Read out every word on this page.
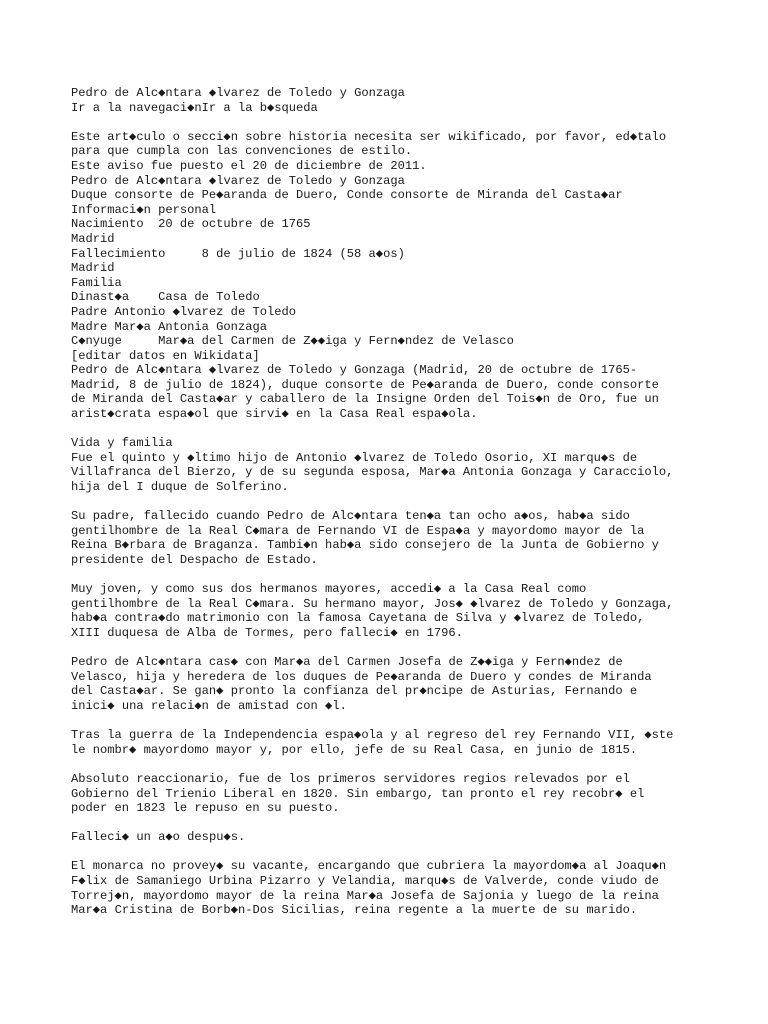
Pedro de Alc◆ntara ◆lvarez de Toledo y Gonzaga
Ir a la navegaci◆nIr a la b◆squeda
Este art◆culo o secci◆n sobre historia necesita ser wikificado, por favor, ed◆talo
para que cumpla con las convenciones de estilo.
Este aviso fue puesto el 20 de diciembre de 2011.
Pedro de Alc◆ntara ◆lvarez de Toledo y Gonzaga
Duque consorte de Pe◆aranda de Duero, Conde consorte de Miranda del Casta◆ar
Informaci◆n personal
Nacimiento  20 de octubre de 1765
Madrid
Fallecimiento     8 de julio de 1824 (58 a◆os)
Madrid
Familia
Dinast◆a    Casa de Toledo
Padre Antonio ◆lvarez de Toledo
Madre Mar◆a Antonia Gonzaga
C◆nyuge     Mar◆a del Carmen de Z◆◆iga y Fern◆ndez de Velasco
[editar datos en Wikidata]
Pedro de Alc◆ntara ◆lvarez de Toledo y Gonzaga (Madrid, 20 de octubre de 1765-
Madrid, 8 de julio de 1824), duque consorte de Pe◆aranda de Duero, conde consorte
de Miranda del Casta◆ar y caballero de la Insigne Orden del Tois◆n de Oro, fue un
arist◆crata espa◆ol que sirvi◆ en la Casa Real espa◆ola.
Vida y familia
Fue el quinto y ◆ltimo hijo de Antonio ◆lvarez de Toledo Osorio, XI marqu◆s de
Villafranca del Bierzo, y de su segunda esposa, Mar◆a Antonia Gonzaga y Caracciolo,
hija del I duque de Solferino.
Su padre, fallecido cuando Pedro de Alc◆ntara ten◆a tan ocho a◆os, hab◆a sido
gentilhombre de la Real C◆mara de Fernando VI de Espa◆a y mayordomo mayor de la
Reina B◆rbara de Braganza. Tambi◆n hab◆a sido consejero de la Junta de Gobierno y
presidente del Despacho de Estado.
Muy joven, y como sus dos hermanos mayores, accedi◆ a la Casa Real como
gentilhombre de la Real C◆mara. Su hermano mayor, Jos◆ ◆lvarez de Toledo y Gonzaga,
hab◆a contra◆do matrimonio con la famosa Cayetana de Silva y ◆lvarez de Toledo,
XIII duquesa de Alba de Tormes, pero falleci◆ en 1796.
Pedro de Alc◆ntara cas◆ con Mar◆a del Carmen Josefa de Z◆◆iga y Fern◆ndez de
Velasco, hija y heredera de los duques de Pe◆aranda de Duero y condes de Miranda
del Casta◆ar. Se gan◆ pronto la confianza del pr◆ncipe de Asturias, Fernando e
inici◆ una relaci◆n de amistad con ◆l.
Tras la guerra de la Independencia espa◆ola y al regreso del rey Fernando VII, ◆ste
le nombr◆ mayordomo mayor y, por ello, jefe de su Real Casa, en junio de 1815.
Absoluto reaccionario, fue de los primeros servidores regios relevados por el
Gobierno del Trienio Liberal en 1820. Sin embargo, tan pronto el rey recobr◆ el
poder en 1823 le repuso en su puesto.
Falleci◆ un a◆o despu◆s.
El monarca no provey◆ su vacante, encargando que cubriera la mayordom◆a al Joaqu◆n
F◆lix de Samaniego Urbina Pizarro y Velandia, marqu◆s de Valverde, conde viudo de
Torrej◆n, mayordomo mayor de la reina Mar◆a Josefa de Sajonia y luego de la reina
Mar◆a Cristina de Borb◆n-Dos Sicilias, reina regente a la muerte de su marido.
